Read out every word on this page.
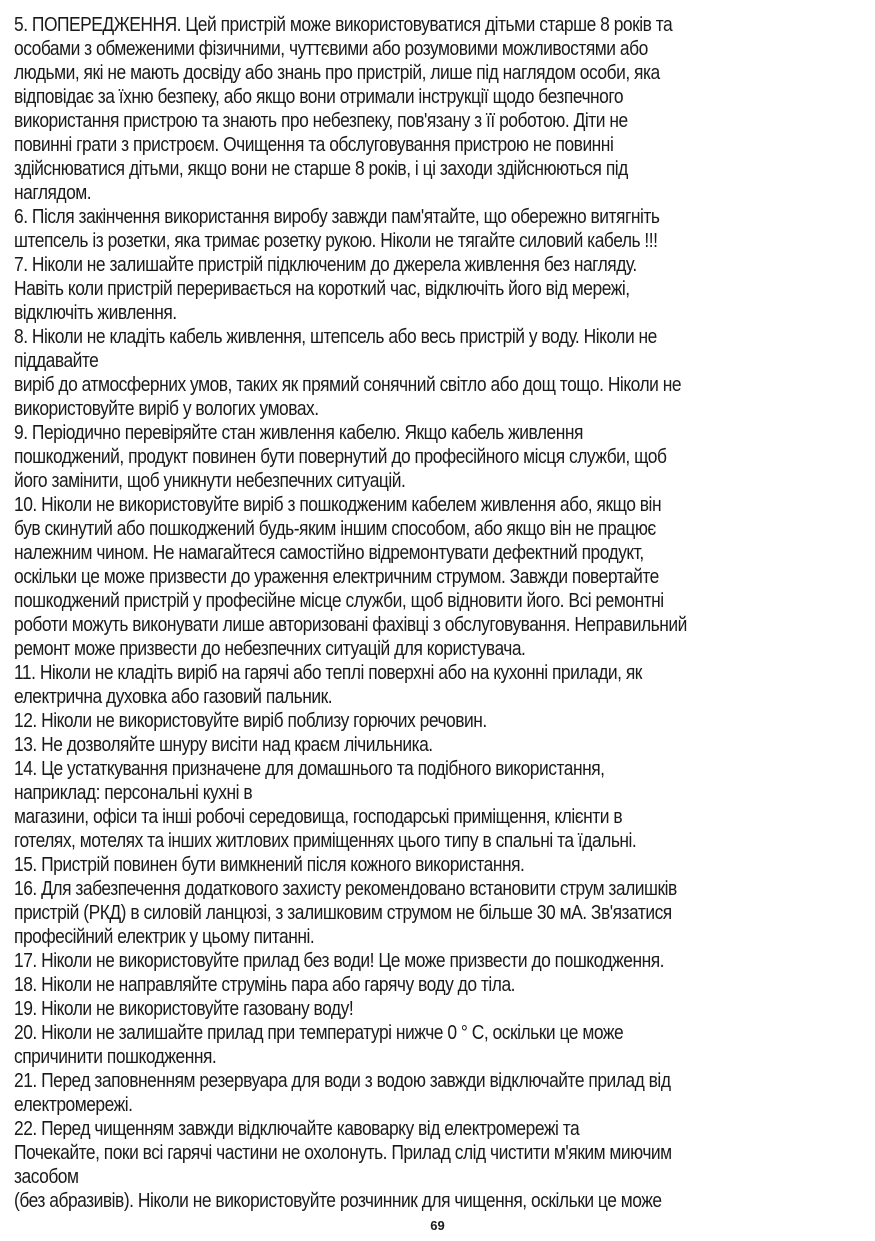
5. ПОПЕРЕДЖЕННЯ. Цей пристрій може використовуватися дітьми старше 8 років та
особами з обмеженими фізичними, чуттєвими або розумовими можливостями або
людьми, які не мають досвіду або знань про пристрій, лише під наглядом особи, яка
відповідає за їхню безпеку, або якщо вони отримали інструкції щодо безпечного
використання пристрою та знають про небезпеку, пов'язану з її роботою. Діти не
повинні грати з пристроєм. Очищення та обслуговування пристрою не повинні
здійснюватися дітьми, якщо вони не старше 8 років, і ці заходи здійснюються під
наглядом.
6. Після закінчення використання виробу завжди пам'ятайте, що обережно витягніть
штепсель із розетки, яка тримає розетку рукою. Ніколи не тягайте силовий кабель !!!
7. Ніколи не залишайте пристрій підключеним до джерела живлення без нагляду.
Навіть коли пристрій переривається на короткий час, відключіть його від мережі,
відключіть живлення.
8. Ніколи не кладіть кабель живлення, штепсель або весь пристрій у воду. Ніколи не
піддавайте
виріб до атмосферних умов, таких як прямий сонячний світло або дощ тощо. Ніколи не
використовуйте виріб у вологих умовах.
9. Періодично перевіряйте стан живлення кабелю. Якщо кабель живлення
пошкоджений, продукт повинен бути повернутий до професійного місця служби, щоб
його замінити, щоб уникнути небезпечних ситуацій.
10. Ніколи не використовуйте виріб з пошкодженим кабелем живлення або, якщо він
був скинутий або пошкоджений будь-яким іншим способом, або якщо він не працює
належним чином. Не намагайтеся самостійно відремонтувати дефектний продукт,
оскільки це може призвести до ураження електричним струмом. Завжди повертайте
пошкоджений пристрій у професійне місце служби, щоб відновити його. Всі ремонтні
роботи можуть виконувати лише авторизовані фахівці з обслуговування. Неправильний
ремонт може призвести до небезпечних ситуацій для користувача.
11. Ніколи не кладіть виріб на гарячі або теплі поверхні або на кухонні прилади, як
електрична духовка або газовий пальник.
12. Ніколи не використовуйте виріб поблизу горючих речовин.
13. Не дозволяйте шнуру висіти над краєм лічильника.
14. Це устаткування призначене для домашнього та подібного використання,
наприклад: персональні кухні в
магазини, офіси та інші робочі середовища, господарські приміщення, клієнти в
готелях, мотелях та інших житлових приміщеннях цього типу в спальні та їдальні.
15. Пристрій повинен бути вимкнений після кожного використання.
16. Для забезпечення додаткового захисту рекомендовано встановити струм залишків
пристрій (РКД) в силовій ланцюзі, з залишковим струмом не більше 30 мА. Зв'язатися
професійний електрик у цьому питанні.
17. Ніколи не використовуйте прилад без води! Це може призвести до пошкодження.
18. Ніколи не направляйте струмінь пара або гарячу воду до тіла.
19. Ніколи не використовуйте газовану воду!
20. Ніколи не залишайте прилад при температурі нижче 0 ° C, оскільки це може
спричинити пошкодження.
21. Перед заповненням резервуара для води з водою завжди відключайте прилад від
електромережі.
22. Перед чищенням завжди відключайте кавоварку від електромережі та
Почекайте, поки всі гарячі частини не охолонуть. Прилад слід чистити м'яким миючим
засобом
(без абразивів). Ніколи не використовуйте розчинник для чищення, оскільки це може
69
